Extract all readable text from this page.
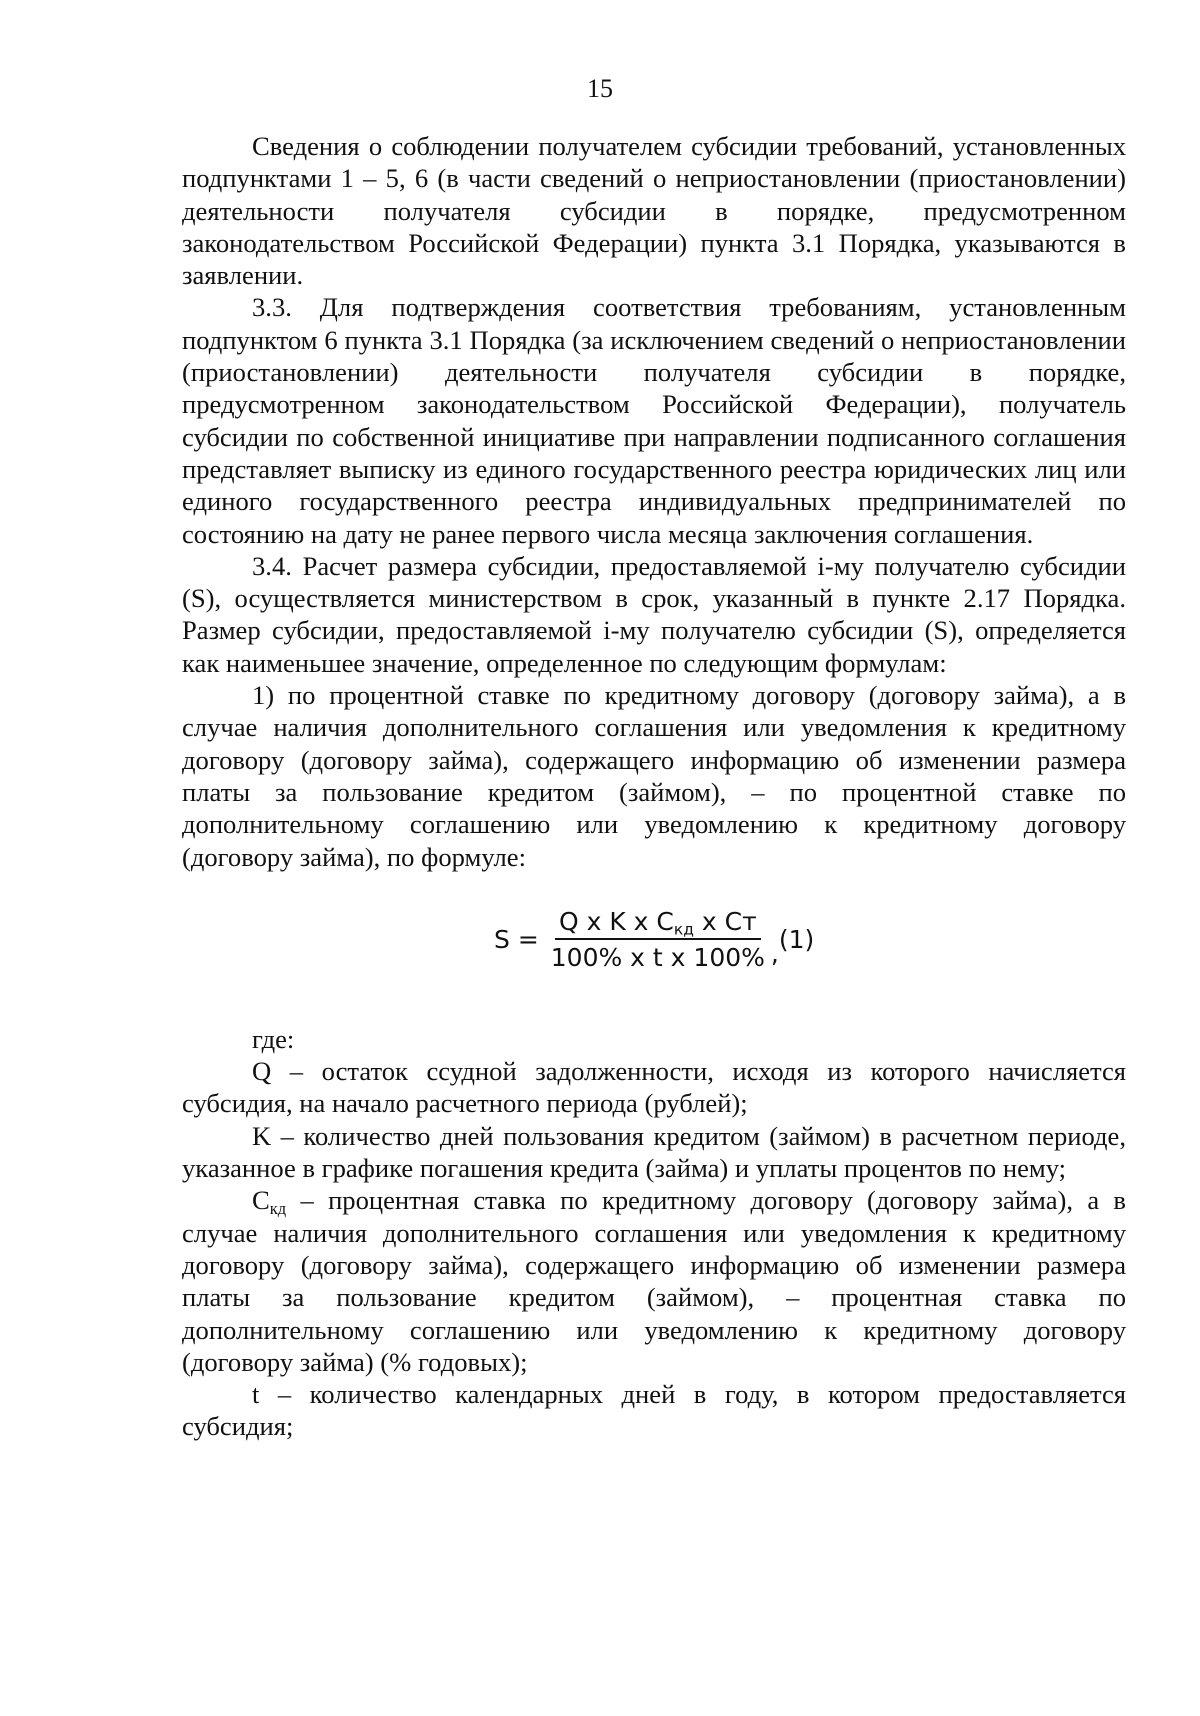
15

Сведения о соблюдении получателем субсидии требований, установленных подпунктами 1 – 5, 6 (в части сведений о неприостановлении (приостановлении) деятельности получателя субсидии в порядке, предусмотренном законодательством Российской Федерации) пункта 3.1 Порядка, указываются в заявлении.

3.3. Для подтверждения соответствия требованиям, установленным подпунктом 6 пункта 3.1 Порядка (за исключением сведений о неприостановлении (приостановлении) деятельности получателя субсидии в порядке, предусмотренном законодательством Российской Федерации), получатель субсидии по собственной инициативе при направлении подписанного соглашения представляет выписку из единого государственного реестра юридических лиц или единого государственного реестра индивидуальных предпринимателей по состоянию на дату не ранее первого числа месяца заключения соглашения.

3.4. Расчет размера субсидии, предоставляемой i-му получателю субсидии (S), осуществляется министерством в срок, указанный в пункте 2.17 Порядка. Размер субсидии, предоставляемой i-му получателю субсидии (S), определяется как наименьшее значение, определенное по следующим формулам:

1) по процентной ставке по кредитному договору (договору займа), а в случае наличия дополнительного соглашения или уведомления к кредитному договору (договору займа), содержащего информацию об изменении размера платы за пользование кредитом (займом), – по процентной ставке по дополнительному соглашению или уведомлению к кредитному договору (договору займа), по формуле:

$S = \frac{Q x K x C_{кд} x Ст}{\text{100\% x t x 100\%}}$ , (1)

где:

Q – остаток ссудной задолженности, исходя из которого начисляется субсидия, на начало расчетного периода (рублей);

K – количество дней пользования кредитом (займом) в расчетном периоде, указанное в графике погашения кредита (займа) и уплаты процентов по нему;

$С_{кд}$ – процентная ставка по кредитному договору (договору займа), а в случае наличия дополнительного соглашения или уведомления к кредитному договору (договору займа), содержащего информацию об изменении размера платы за пользование кредитом (займом), – процентная ставка по дополнительному соглашению или уведомлению к кредитному договору (договору займа) (% годовых);

t – количество календарных дней в году, в котором предоставляется субсидия;
